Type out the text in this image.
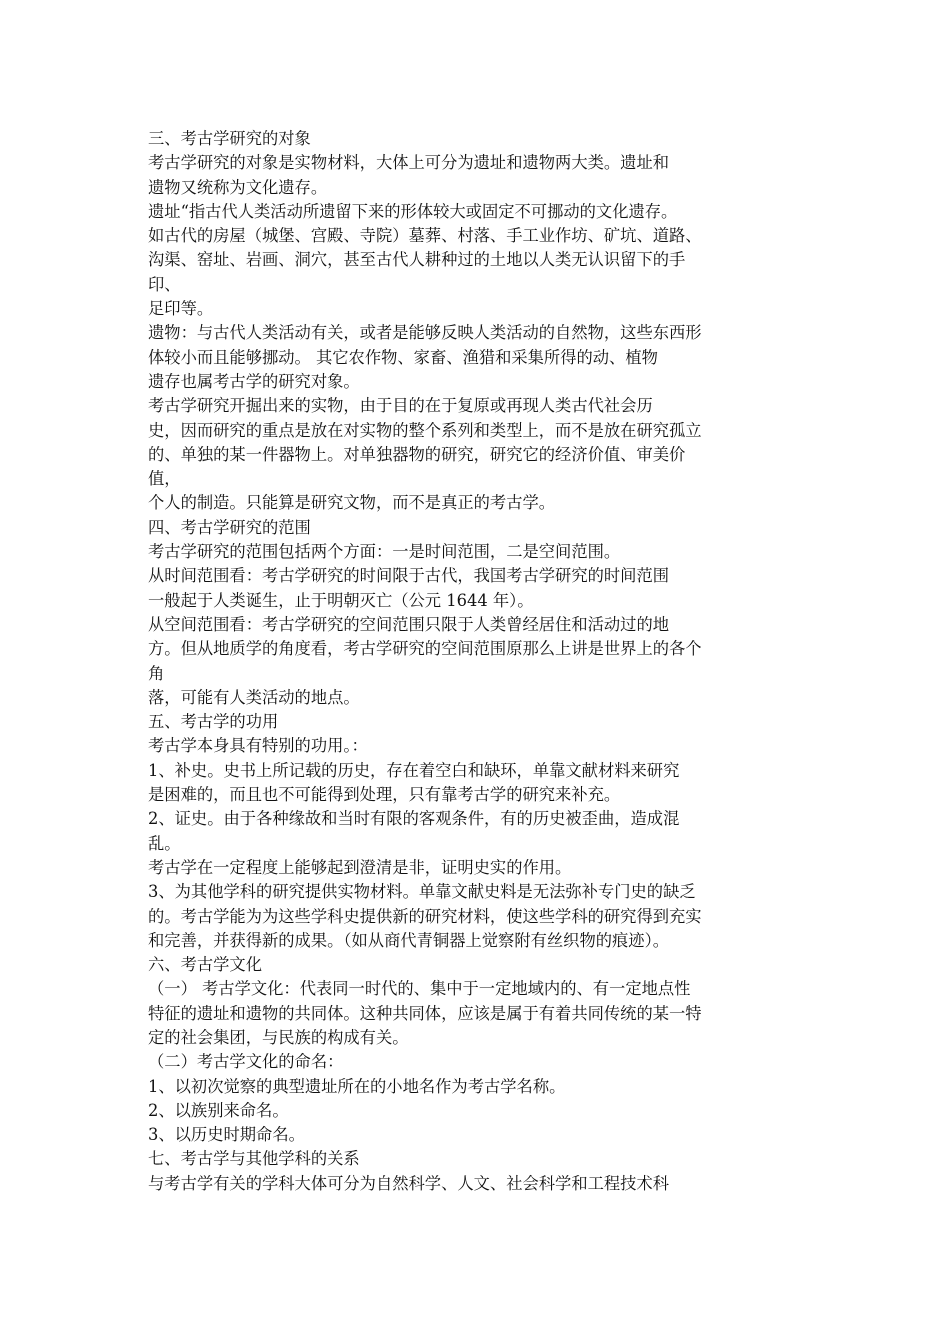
三、考古学研究的对象
考古学研究的对象是实物材料，大体上可分为遗址和遗物两大类。遗址和
遗物又统称为文化遗存。
遗址“指古代人类活动所遗留下来的形体较大或固定不可挪动的文化遗存。
如古代的房屋（城堡、宫殿、寺院）墓葬、村落、手工业作坊、矿坑、道路、
沟渠、窑址、岩画、洞穴，甚至古代人耕种过的土地以人类无认识留下的手
印、
足印等。
遗物：与古代人类活动有关，或者是能够反映人类活动的自然物，这些东西形
体较小而且能够挪动。 其它农作物、家畜、渔猎和采集所得的动、植物
遗存也属考古学的研究对象。
考古学研究开掘出来的实物，由于目的在于复原或再现人类古代社会历
史，因而研究的重点是放在对实物的整个系列和类型上，而不是放在研究孤立
的、单独的某一件器物上。对单独器物的研究，研究它的经济价值、审美价
值，
个人的制造。只能算是研究文物，而不是真正的考古学。
四、考古学研究的范围
考古学研究的范围包括两个方面：一是时间范围，二是空间范围。
从时间范围看：考古学研究的时间限于古代，我国考古学研究的时间范围
一般起于人类诞生，止于明朝灭亡（公元 1644 年）。
从空间范围看：考古学研究的空间范围只限于人类曾经居住和活动过的地
方。但从地质学的角度看，考古学研究的空间范围原那么上讲是世界上的各个
角
落，可能有人类活动的地点。
五、考古学的功用
考古学本身具有特别的功用。：
1、补史。史书上所记载的历史，存在着空白和缺环，单靠文献材料来研究
是困难的，而且也不可能得到处理，只有靠考古学的研究来补充。
2、证史。由于各种缘故和当时有限的客观条件，有的历史被歪曲，造成混
乱。
考古学在一定程度上能够起到澄清是非，证明史实的作用。
3、为其他学科的研究提供实物材料。单靠文献史料是无法弥补专门史的缺乏
的。考古学能为为这些学科史提供新的研究材料，使这些学科的研究得到充实
和完善，并获得新的成果。（如从商代青铜器上觉察附有丝织物的痕迹）。
六、考古学文化
（一） 考古学文化：代表同一时代的、集中于一定地域内的、有一定地点性
特征的遗址和遗物的共同体。这种共同体，应该是属于有着共同传统的某一特
定的社会集团，与民族的构成有关。
（二）考古学文化的命名：
1、以初次觉察的典型遗址所在的小地名作为考古学名称。
2、以族别来命名。
3、以历史时期命名。
七、考古学与其他学科的关系
与考古学有关的学科大体可分为自然科学、人文、社会科学和工程技术科
